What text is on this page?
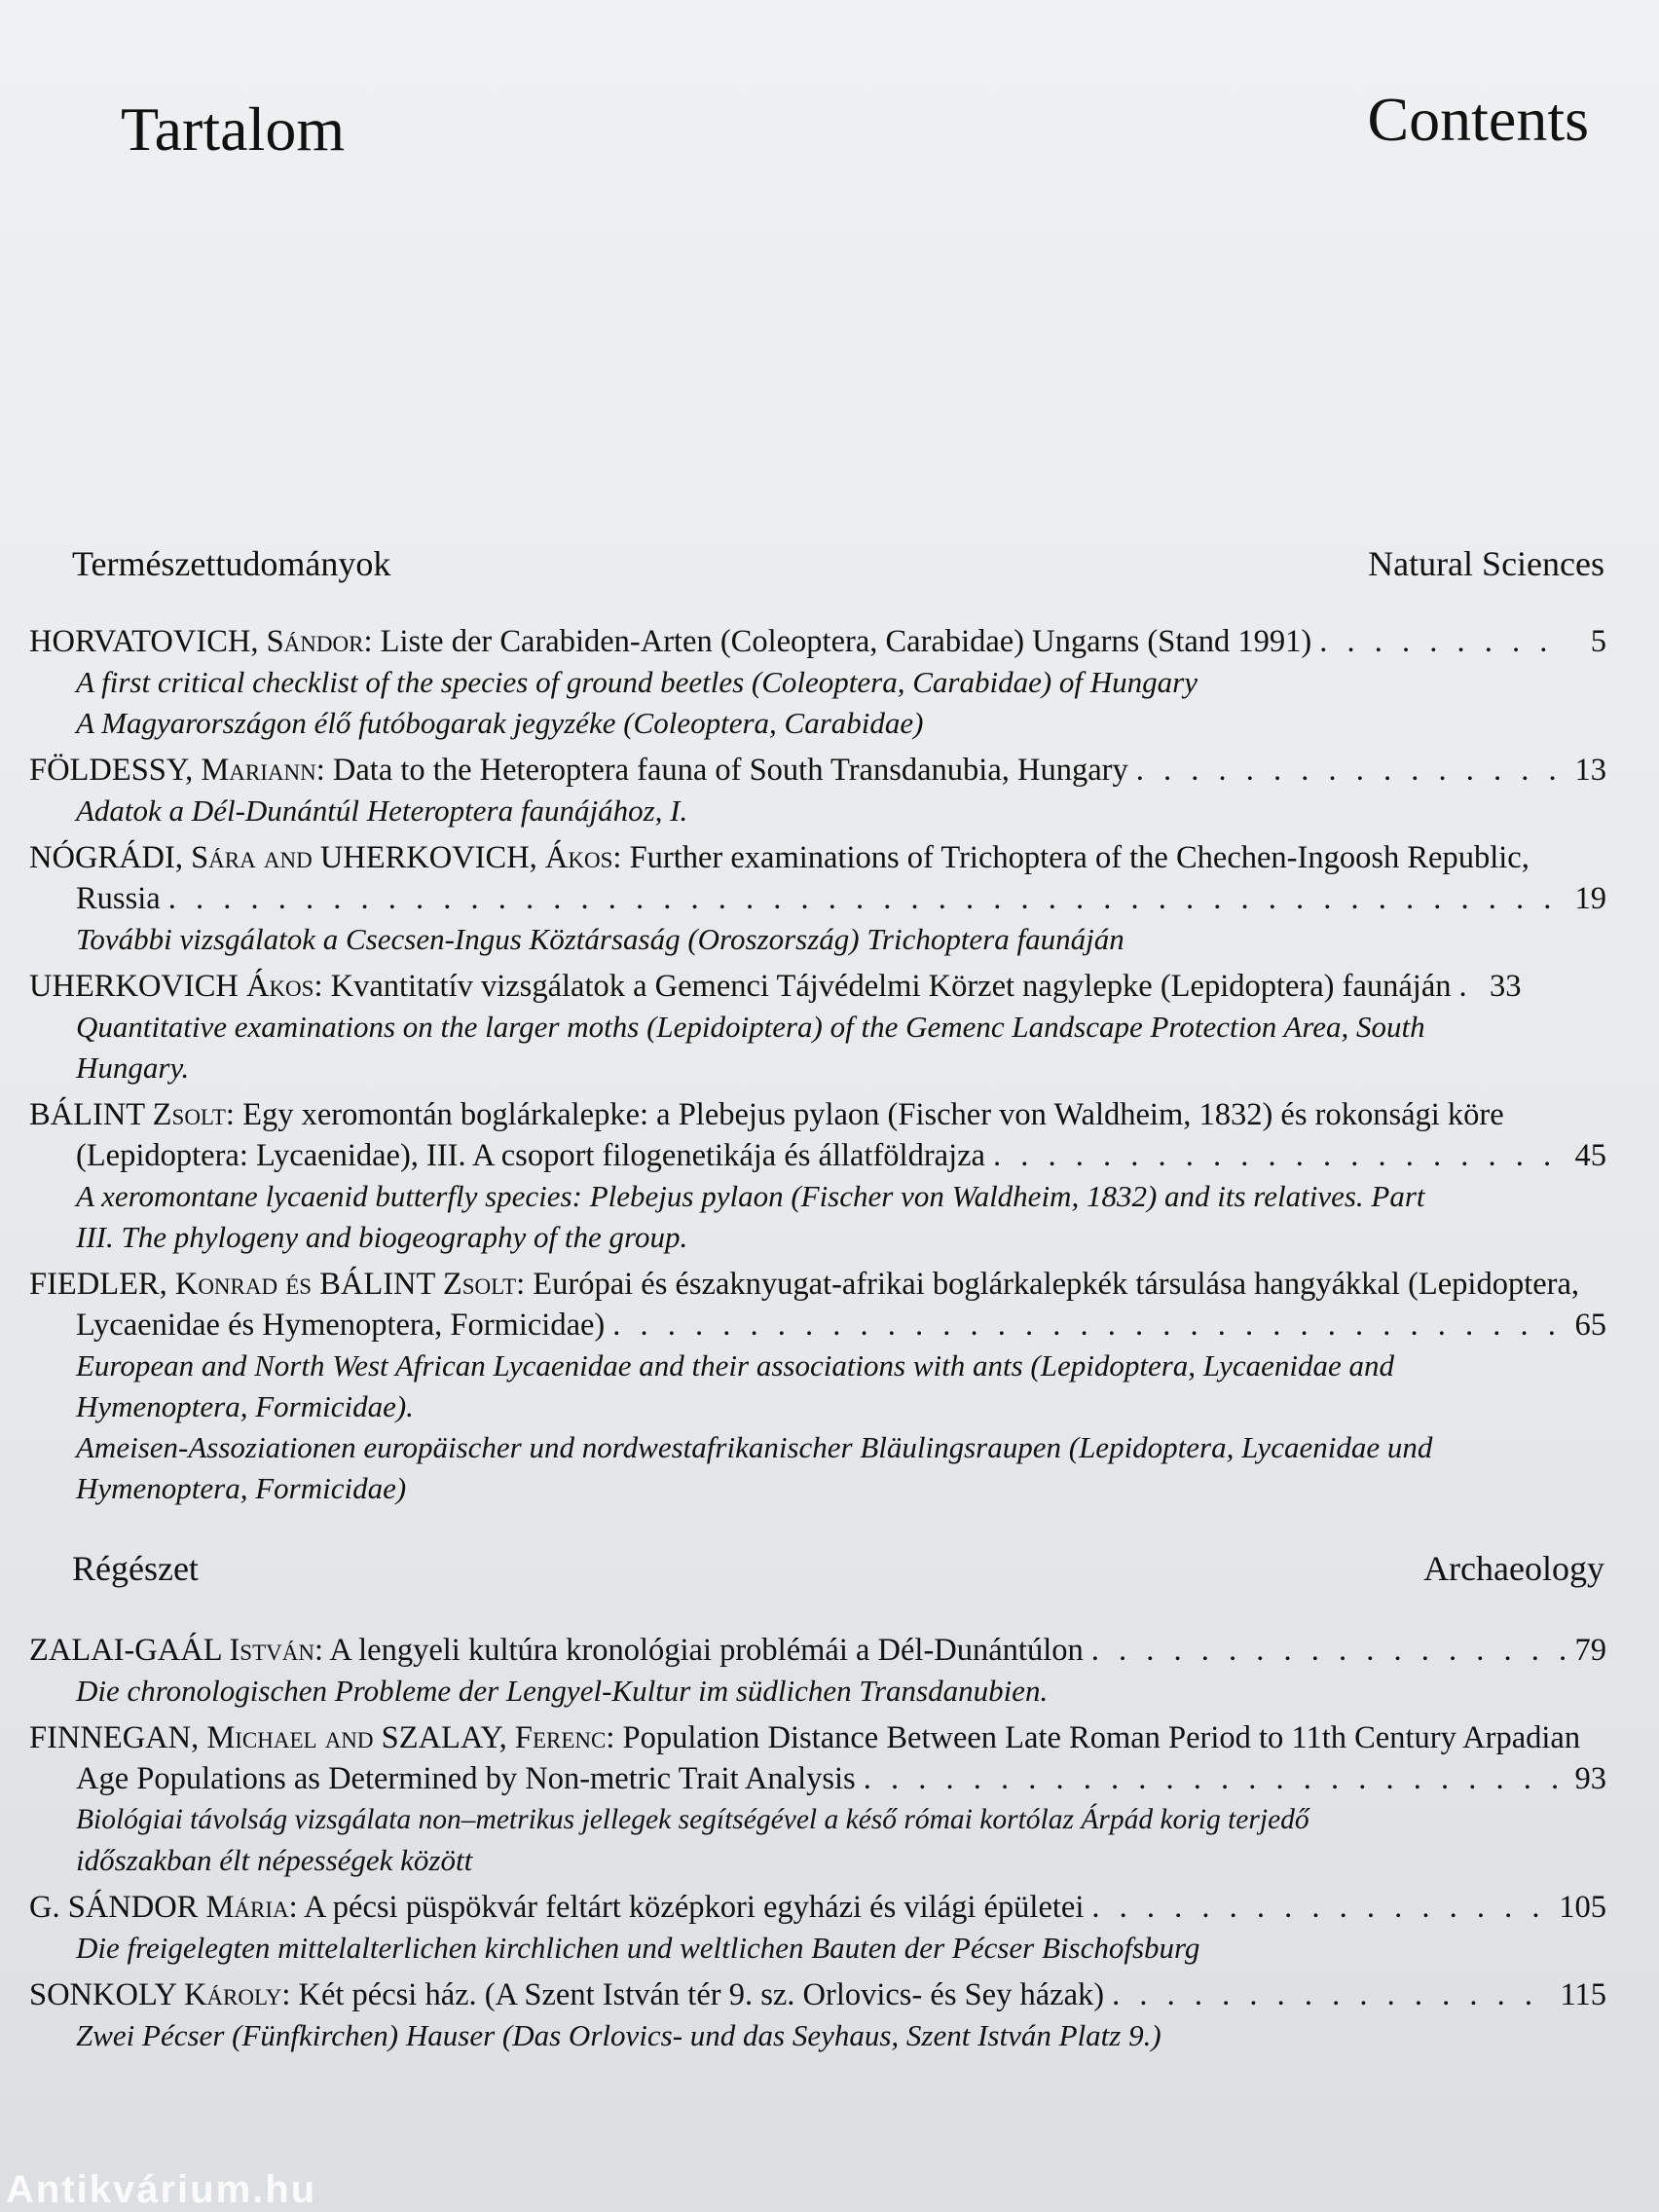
Tartalom	Contents
Természettudományok	Natural Sciences
HORVATOVICH, Sándor: Liste der Carabiden-Arten (Coleoptera, Carabidae) Ungarns (Stand 1991) . . .	5
A first critical checklist of the species of ground beetles (Coleoptera, Carabidae) of Hungary
A Magyarországon élő futóbogarak jegyzéke (Coleoptera, Carabidae)
FÖLDESSY, Mariann: Data to the Heteroptera fauna of South Transdanubia, Hungary . . .	13
Adatok a Dél-Dunántúl Heteroptera faunájához, I.
NÓGRÁDI, Sára and UHERKOVICH, Ákos: Further examinations of Trichoptera of the Chechen-Ingoosh Republic,
Russia . . .	19
További vizsgálatok a Csecsen-Ingus Köztársaság (Oroszország) Trichoptera faunáján
UHERKOVICH Ákos: Kvantitatív vizsgálatok a Gemenci Tájvédelmi Körzet nagylepke (Lepidoptera) faunáján . . . 33
Quantitative examinations on the larger moths (Lepidoiptera) of the Gemenc Landscape Protection Area, South
Hungary.
BÁLINT Zsolt: Egy xeromontán boglárkalepke: a Plebejus pylaon (Fischer von Waldheim, 1832) és rokonsági köre
(Lepidoptera: Lycaenidae), III. A csoport filogenetikája és állatföldrajza . . .	45
A xeromontane lycaenid butterfly species: Plebejus pylaon (Fischer von Waldheim, 1832) and its relatives. Part
III. The phylogeny and biogeography of the group.
FIEDLER, Konrad és BÁLINT Zsolt: Európai és északnyugat-afrikai boglárkalepkék társulása hangyákkal (Lepidoptera,
Lycaenidae és Hymenoptera, Formicidae) . . .	65
European and North West African Lycaenidae and their associations with ants (Lepidoptera, Lycaenidae and
Hymenoptera, Formicidae).
Ameisen-Assoziationen europäischer und nordwestafrikanischer Bläulingsraupen (Lepidoptera, Lycaenidae und
Hymenoptera, Formicidae)
Régészet	Archaeology
ZALAI-GAÁL István: A lengyeli kultúra kronológiai problémái a Dél-Dunántúlon . . .	79
Die chronologischen Probleme der Lengyel-Kultur im südlichen Transdanubien.
FINNEGAN, Michael and SZALAY, Ferenc: Population Distance Between Late Roman Period to 11th Century Arpadian
Age Populations as Determined by Non-metric Trait Analysis . . .	93
Biológiai távolság vizsgálata non–metrikus jellegek segítségével a késő római kortólaz Árpád korig terjedő
időszakban élt népességek között
G. SÁNDOR Mária: A pécsi püspökvár feltárt középkori egyházi és világi épületei . . .	105
Die freigelegten mittelalterlichen kirchlichen und weltlichen Bauten der Pécser Bischofsburg
SONKOLY Károly: Két pécsi ház. (A Szent István tér 9. sz. Orlovics- és Sey házak) . . .	115
Zwei Pécser (Fünfkirchen) Hauser (Das Orlovics- und das Seyhaus, Szent István Platz 9.)
Antikvárium.hu
